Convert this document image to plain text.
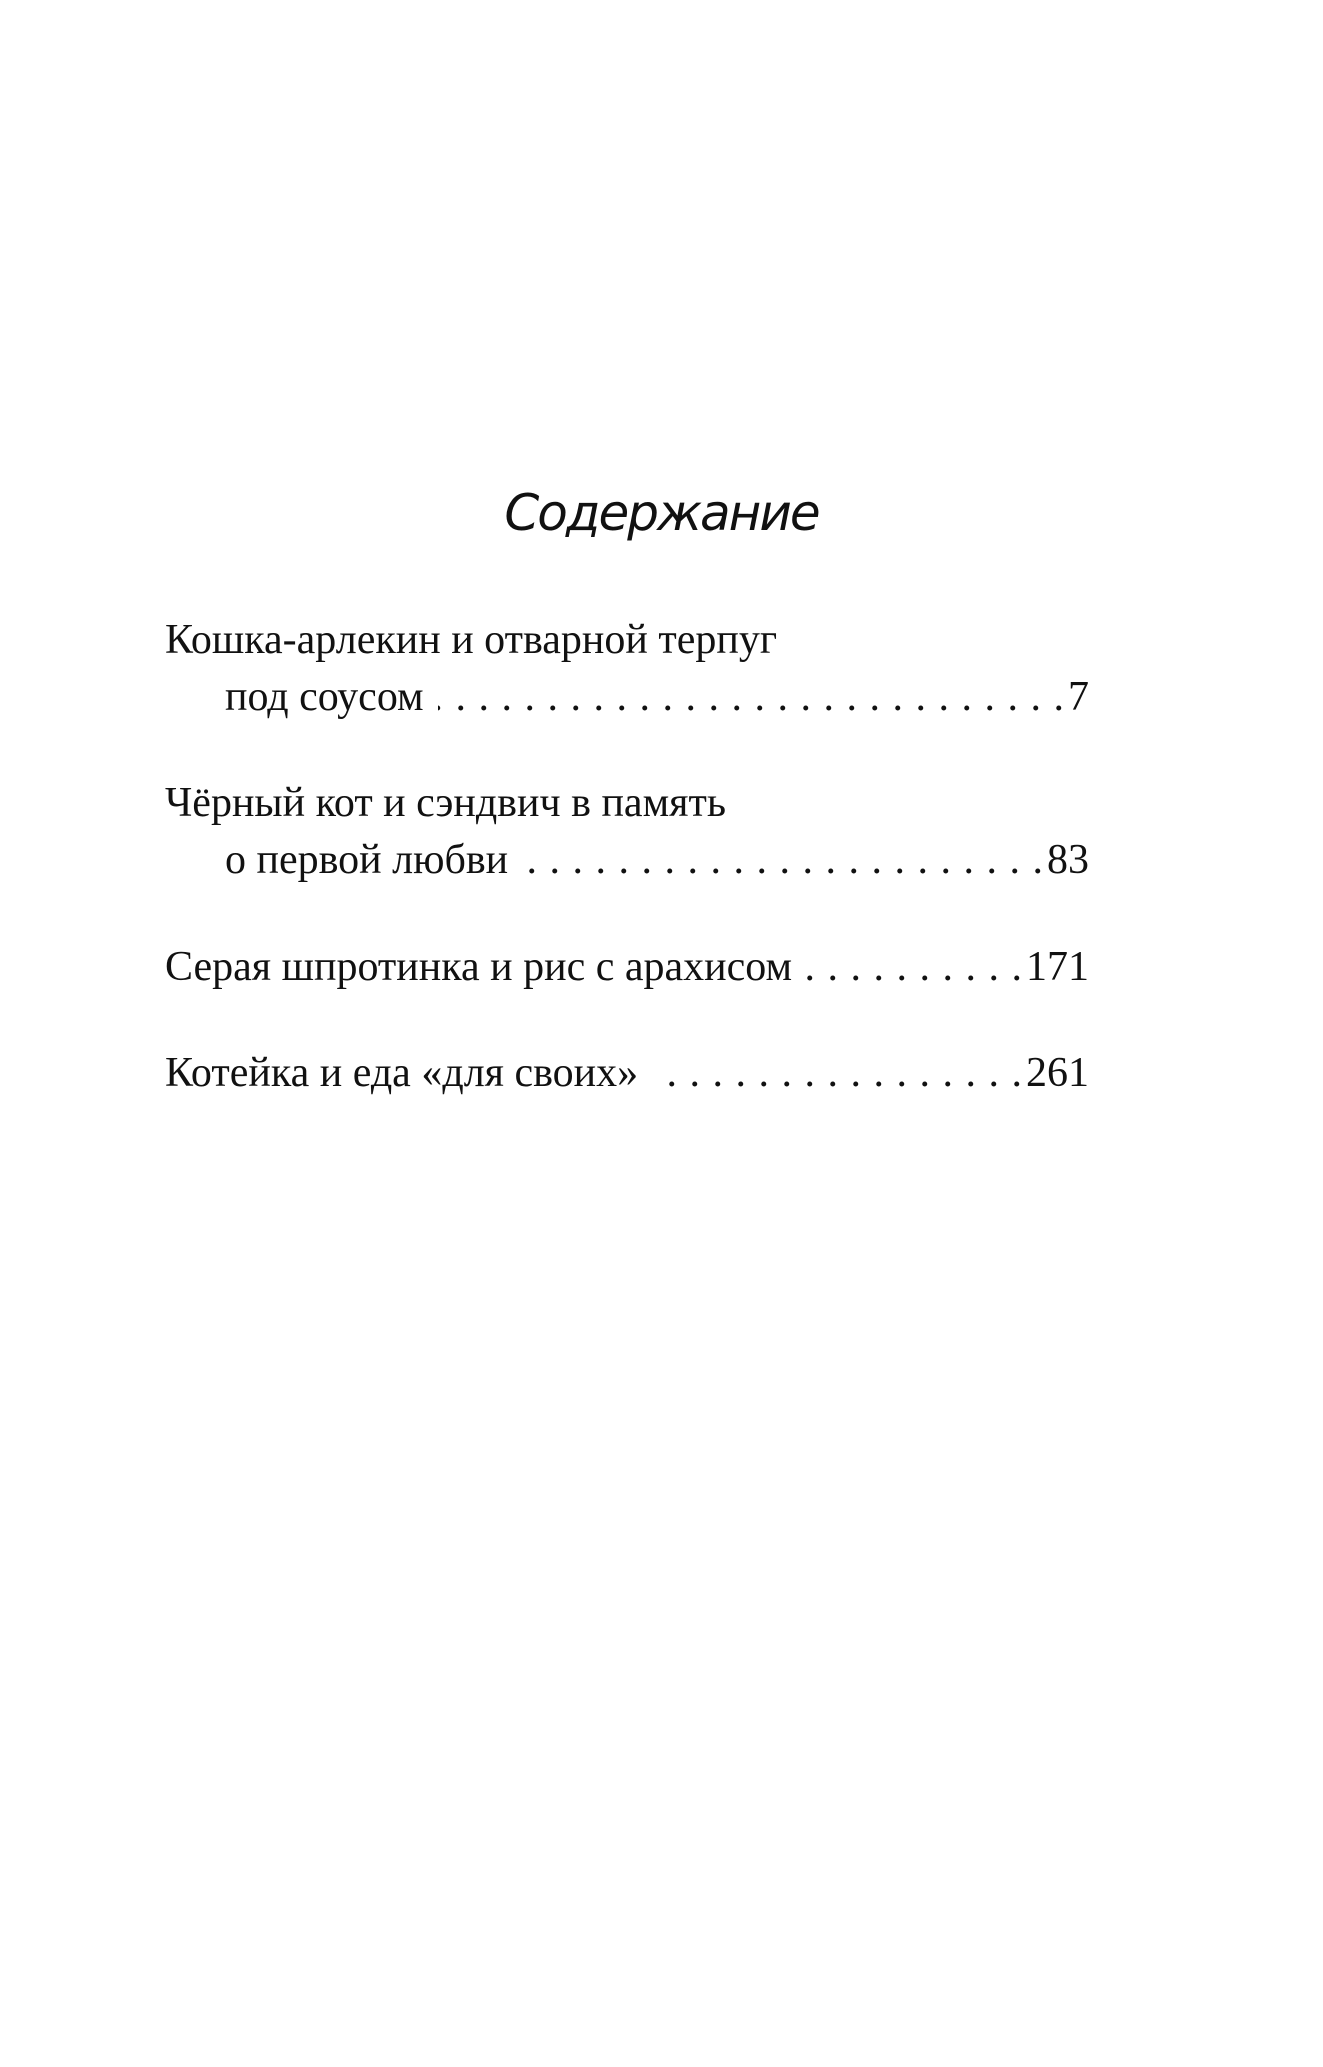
Содержание
Кошка-арлекин и отварной терпуг
под соусом . . .	7
Чёрный кот и сэндвич в память
о первой любви . . .	83
Серая шпротинка и рис с арахисом . . .	171
Котейка и еда «для своих» . . .	261
